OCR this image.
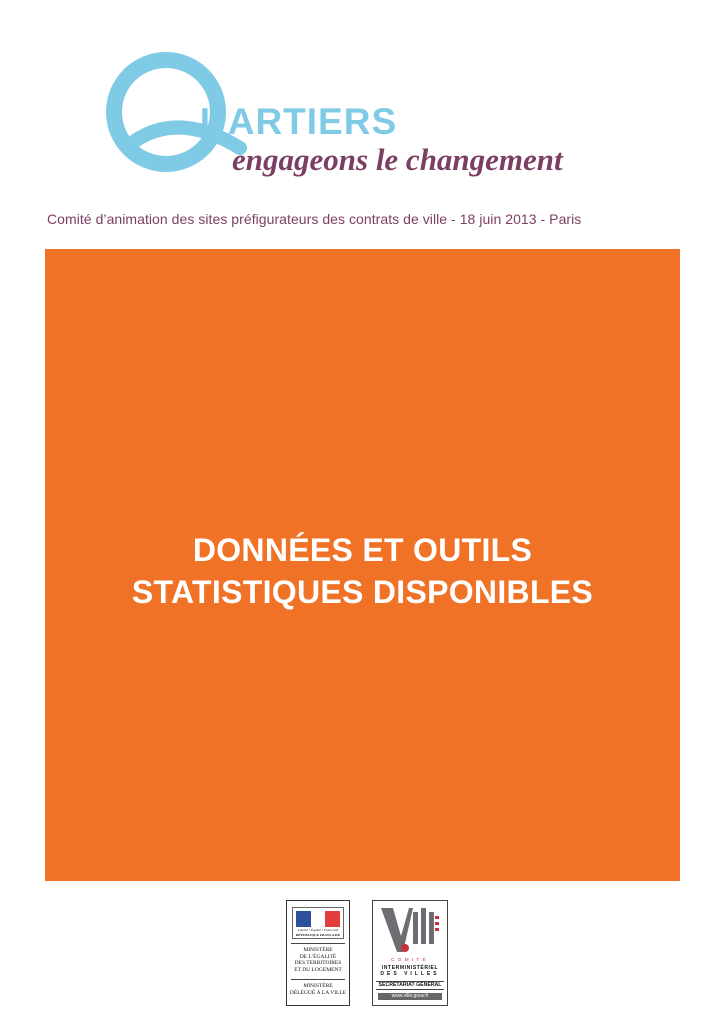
UARTIERS
engageons le changement
Comité d’animation des sites préfigurateurs des contrats de ville - 18 juin 2013 - Paris
DONNÉES ET OUTILS
STATISTIQUES DISPONIBLES
Liberté • Égalité • Fraternité
RÉPUBLIQUE FRANÇAISE
MINISTÈRE
DE L’ÉGALITÉ
DES TERRITOIRES
ET DU LOGEMENT
MINISTÈRE
DÉLÉGUÉ À LA VILLE
COMITÉ
INTERMINISTÉRIEL
DES VILLES
SECRÉTARIAT GÉNÉRAL
www.ville.gouv.fr
